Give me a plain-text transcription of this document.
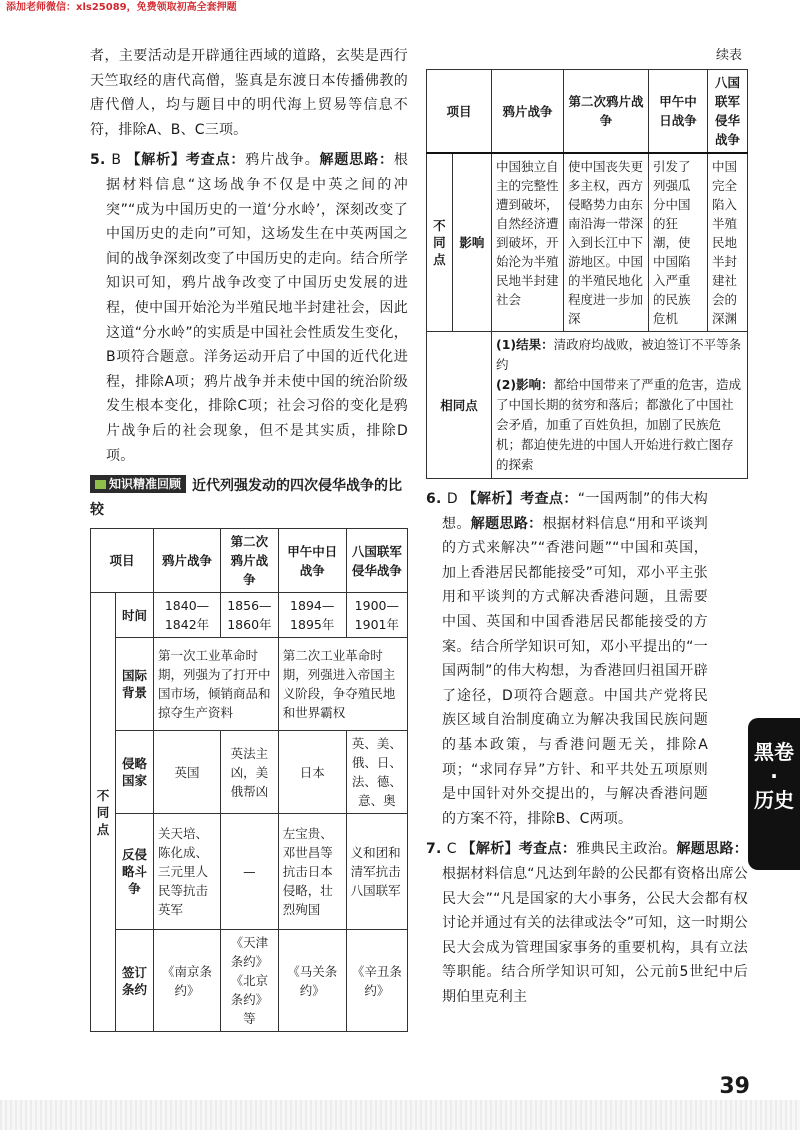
添加老师微信：xls25089，免费领取初高全套押题

者，主要活动是开辟通往西域的道路，玄奘是西行天竺取经的唐代高僧，鉴真是东渡日本传播佛教的唐代僧人，均与题目中的明代海上贸易等信息不符，排除A、B、C三项。

5. B 【解析】考查点：鸦片战争。解题思路：根据材料信息“这场战争不仅是中英之间的冲突”“成为中国历史的一道‘分水岭’，深刻改变了中国历史的走向”可知，这场发生在中英两国之间的战争深刻改变了中国历史的走向。结合所学知识可知，鸦片战争改变了中国历史发展的进程，使中国开始沦为半殖民地半封建社会，因此这道“分水岭”的实质是中国社会性质发生变化，B项符合题意。洋务运动开启了中国的近代化进程，排除A项；鸦片战争并未使中国的统治阶级发生根本变化，排除C项；社会习俗的变化是鸦片战争后的社会现象，但不是其实质，排除D项。

知识精准回顾 近代列强发动的四次侵华战争的比较
项目		鸦片战争	第二次鸦片战争	甲午中日战争	八国联军侵华战争
不同点	时间	1840—1842年	1856—1860年	1894—1895年	1900—1901年
	国际背景	第一次工业革命时期，列强为了打开中国市场，倾销商品和掠夺生产资料		第二次工业革命时期，列强进入帝国主义阶段，争夺殖民地和世界霸权	
	侵略国家	英国	英法主凶，美俄帮凶	日本	英、美、俄、日、法、德、意、奥
	反侵略斗争	关天培、陈化成、三元里人民等抗击英军	—	左宝贵、邓世昌等抗击日本侵略，壮烈殉国	义和团和清军抗击八国联军
	签订条约	《南京条约》	《天津条约》《北京条约》等	《马关条约》	《辛丑条约》
续表
项目		鸦片战争	第二次鸦片战争	甲午中日战争	八国联军侵华战争
不同点	影响	中国独立自主的完整性遭到破坏，自然经济遭到破坏，开始沦为半殖民地半封建社会	使中国丧失更多主权，西方侵略势力由东南沿海一带深入到长江中下游地区。中国的半殖民地化程度进一步加深	引发了列强瓜分中国的狂潮，使中国陷入严重的民族危机	中国完全陷入半殖民地半封建社会的深渊
相同点		(1)结果：清政府均战败，被迫签订不平等条约
(2)影响：都给中国带来了严重的危害，造成了中国长期的贫穷和落后；都激化了中国社会矛盾，加重了百姓负担，加剧了民族危机；都迫使先进的中国人开始进行救亡图存的探索			

6. D 【解析】考查点：“一国两制”的伟大构想。解题思路：根据材料信息“用和平谈判的方式来解决”“香港问题”“中国和英国，加上香港居民都能接受”可知，邓小平主张用和平谈判的方式解决香港问题，且需要中国、英国和中国香港居民都能接受的方案。结合所学知识可知，邓小平提出的“一国两制”的伟大构想，为香港回归祖国开辟了途径，D项符合题意。中国共产党将民族区域自治制度确立为解决我国民族问题的基本政策，与香港问题无关，排除A项；“求同存异”方针、和平共处五项原则是中国针对外交提出的，与解决香港问题的方案不符，排除B、C两项。

7. C 【解析】考查点：雅典民主政治。解题思路：根据材料信息“凡达到年龄的公民都有资格出席公民大会”“凡是国家的大小事务，公民大会都有权讨论并通过有关的法律或法令”可知，这一时期公民大会成为管理国家事务的重要机构，具有立法等职能。结合所学知识可知，公元前5世纪中后期伯里克利主

黑卷
·
历史
39
